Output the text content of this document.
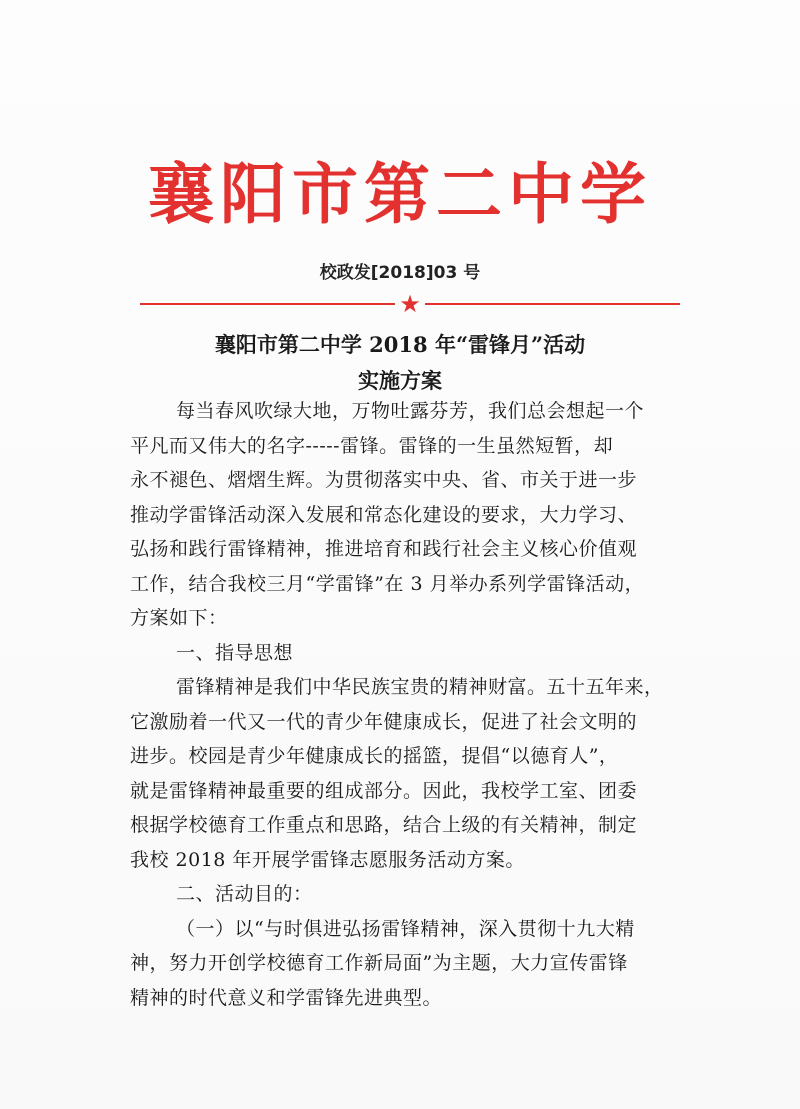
襄阳市第二中学
校政发[2018]03 号
★
襄阳市第二中学 2018 年“雷锋月”活动
实施方案
每当春风吹绿大地，万物吐露芬芳，我们总会想起一个
平凡而又伟大的名字-----雷锋。雷锋的一生虽然短暂，却
永不褪色、熠熠生辉。为贯彻落实中央、省、市关于进一步
推动学雷锋活动深入发展和常态化建设的要求，大力学习、
弘扬和践行雷锋精神，推进培育和践行社会主义核心价值观
工作，结合我校三月“学雷锋”在 3 月举办系列学雷锋活动，
方案如下：
一、指导思想
雷锋精神是我们中华民族宝贵的精神财富。五十五年来，
它激励着一代又一代的青少年健康成长，促进了社会文明的
进步。校园是青少年健康成长的摇篮，提倡“以德育人”，
就是雷锋精神最重要的组成部分。因此，我校学工室、团委
根据学校德育工作重点和思路，结合上级的有关精神，制定
我校 2018 年开展学雷锋志愿服务活动方案。
二、活动目的：
（一）以“与时俱进弘扬雷锋精神，深入贯彻十九大精
神，努力开创学校德育工作新局面”为主题，大力宣传雷锋
精神的时代意义和学雷锋先进典型。
